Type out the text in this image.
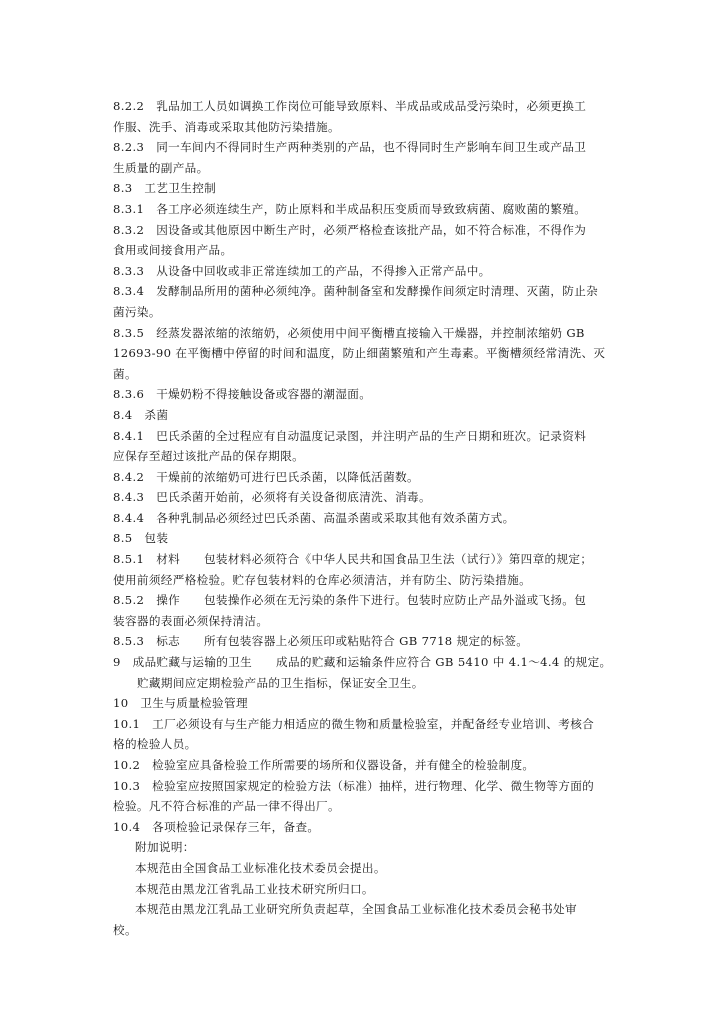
8.2.2　乳品加工人员如调换工作岗位可能导致原料、半成品或成品受污染时，必须更换工
作服、洗手、消毒或采取其他防污染措施。
8.2.3　同一车间内不得同时生产两种类别的产品，也不得同时生产影响车间卫生或产品卫
生质量的副产品。
8.3　工艺卫生控制
8.3.1　各工序必须连续生产，防止原料和半成品积压变质而导致致病菌、腐败菌的繁殖。
8.3.2　因设备或其他原因中断生产时，必须严格检查该批产品，如不符合标准，不得作为
食用或间接食用产品。
8.3.3　从设备中回收或非正常连续加工的产品，不得掺入正常产品中。
8.3.4　发酵制品所用的菌种必须纯净。菌种制备室和发酵操作间须定时清理、灭菌，防止杂
菌污染。
8.3.5　经蒸发器浓缩的浓缩奶，必须使用中间平衡槽直接输入干燥器，并控制浓缩奶 GB
12693-90 在平衡槽中停留的时间和温度，防止细菌繁殖和产生毒素。平衡槽须经常清洗、灭
菌。
8.3.6　干燥奶粉不得接触设备或容器的潮湿面。
8.4　杀菌
8.4.1　巴氏杀菌的全过程应有自动温度记录图，并注明产品的生产日期和班次。记录资料
应保存至超过该批产品的保存期限。
8.4.2　干燥前的浓缩奶可进行巴氏杀菌，以降低活菌数。
8.4.3　巴氏杀菌开始前，必须将有关设备彻底清洗、消毒。
8.4.4　各种乳制品必须经过巴氏杀菌、高温杀菌或采取其他有效杀菌方式。
8.5　包装
8.5.1　材料　　包装材料必须符合《中华人民共和国食品卫生法（试行）》第四章的规定；
使用前须经严格检验。贮存包装材料的仓库必须清洁，并有防尘、防污染措施。
8.5.2　操作　　包装操作必须在无污染的条件下进行。包装时应防止产品外溢或飞扬。包
装容器的表面必须保持清洁。
8.5.3　标志　　所有包装容器上必须压印或粘贴符合 GB 7718 规定的标签。
9　成品贮藏与运输的卫生　　成品的贮藏和运输条件应符合 GB 5410 中 4.1～4.4 的规定。
贮藏期间应定期检验产品的卫生指标，保证安全卫生。
10　卫生与质量检验管理
10.1　工厂必须设有与生产能力相适应的微生物和质量检验室，并配备经专业培训、考核合
格的检验人员。
10.2　检验室应具备检验工作所需要的场所和仪器设备，并有健全的检验制度。
10.3　检验室应按照国家规定的检验方法（标准）抽样，进行物理、化学、微生物等方面的
检验。凡不符合标准的产品一律不得出厂。
10.4　各项检验记录保存三年，备查。
附加说明：
本规范由全国食品工业标准化技术委员会提出。
本规范由黑龙江省乳品工业技术研究所归口。
本规范由黑龙江乳品工业研究所负责起草，全国食品工业标准化技术委员会秘书处审
校。
